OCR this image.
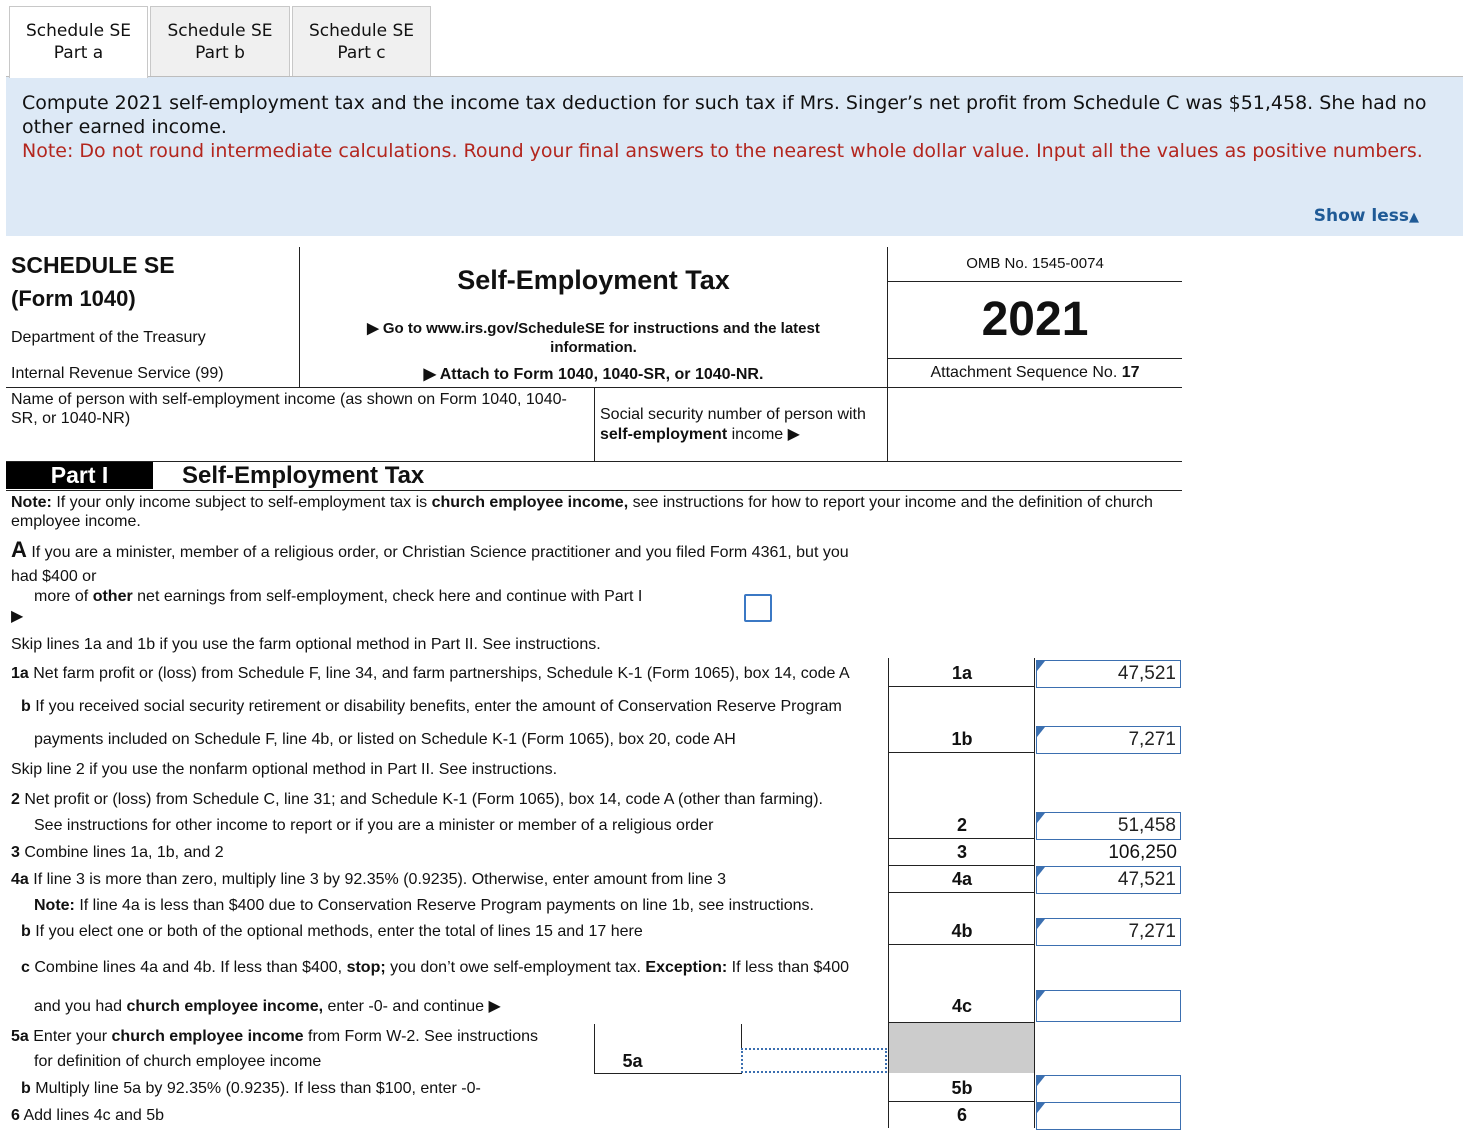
Schedule SE
Part a
Schedule SE
Part b
Schedule SE
Part c
Compute 2021 self-employment tax and the income tax deduction for such tax if Mrs. Singer’s net profit from Schedule C was $51,458. She had no other earned income.
Note: Do not round intermediate calculations. Round your final answers to the nearest whole dollar value. Input all the values as positive numbers.
Show less▲
SCHEDULE SE
(Form 1040)
Department of the Treasury
Internal Revenue Service (99)
Self-Employment Tax
▶ Go to www.irs.gov/ScheduleSE for instructions and the latest information.
▶ Attach to Form 1040, 1040-SR, or 1040-NR.
OMB No. 1545-0074
2021
Attachment Sequence No. 17
Name of person with self-employment income (as shown on Form 1040, 1040-SR, or 1040-NR)	Social security number of person with
self-employment income ▶
Part I	Self-Employment Tax
Note: If your only income subject to self-employment tax is church employee income, see instructions for how to report your income and the definition of church employee income.
A If you are a minister, member of a religious order, or Christian Science practitioner and you filed Form 4361, but you had $400 or
more of other net earnings from self-employment, check here and continue with Part I
▶
Skip lines 1a and 1b if you use the farm optional method in Part II. See instructions.
1a Net farm profit or (loss) from Schedule F, line 34, and farm partnerships, Schedule K-1 (Form 1065), box 14, code A	1a	47,521
b If you received social security retirement or disability benefits, enter the amount of Conservation Reserve Program
payments included on Schedule F, line 4b, or listed on Schedule K-1 (Form 1065), box 20, code AH	1b	7,271
Skip line 2 if you use the nonfarm optional method in Part II. See instructions.
2 Net profit or (loss) from Schedule C, line 31; and Schedule K-1 (Form 1065), box 14, code A (other than farming).
See instructions for other income to report or if you are a minister or member of a religious order	2	51,458
3 Combine lines 1a, 1b, and 2	3	106,250
4a If line 3 is more than zero, multiply line 3 by 92.35% (0.9235). Otherwise, enter amount from line 3	4a	47,521
Note: If line 4a is less than $400 due to Conservation Reserve Program payments on line 1b, see instructions.
b If you elect one or both of the optional methods, enter the total of lines 15 and 17 here	4b	7,271
c Combine lines 4a and 4b. If less than $400, stop; you don’t owe self-employment tax. Exception: If less than $400
and you had church employee income, enter -0- and continue ▶	4c
5a Enter your church employee income from Form W-2. See instructions
for definition of church employee income	5a
b Multiply line 5a by 92.35% (0.9235). If less than $100, enter -0-	5b
6 Add lines 4c and 5b	6
